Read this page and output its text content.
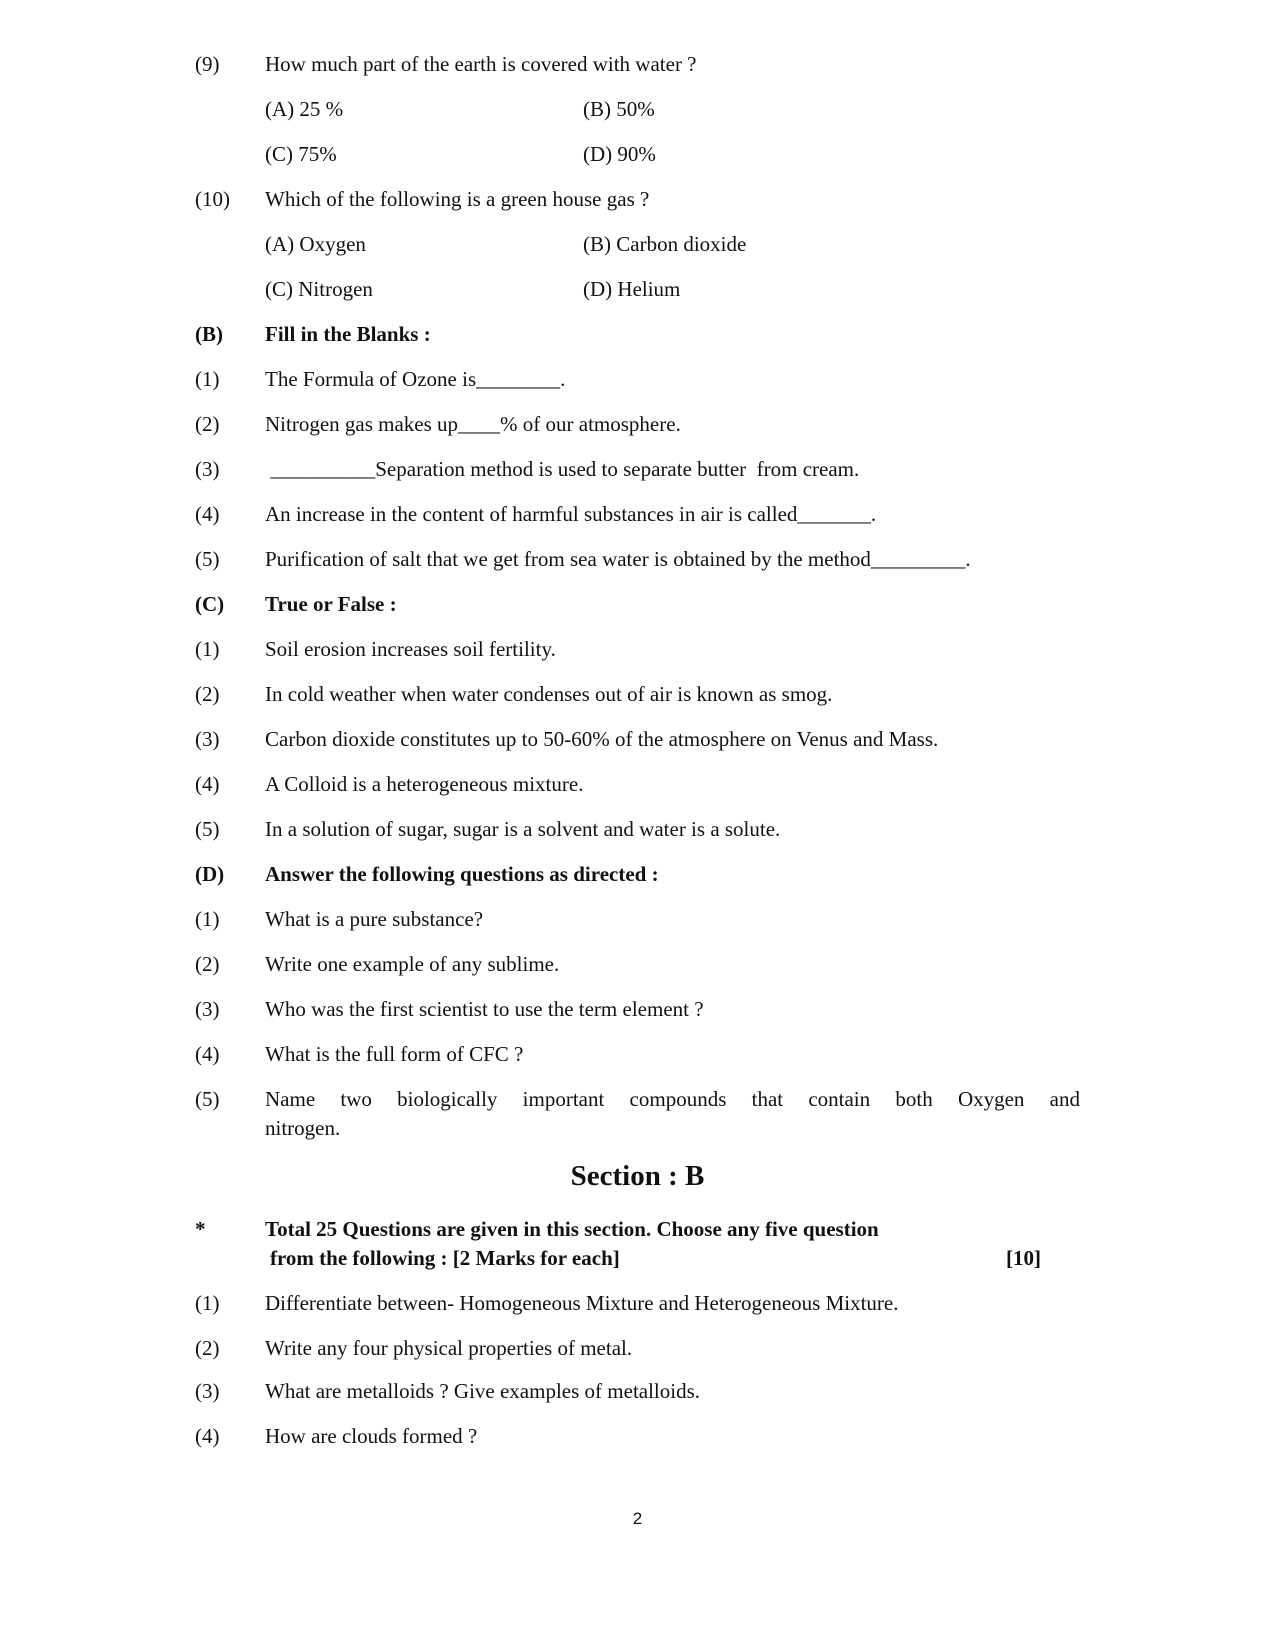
(9) How much part of the earth is covered with water ?
(A) 25 %	(B) 50%
(C) 75%	(D) 90%
(10) Which of the following is a green house gas ?
(A) Oxygen	(B) Carbon dioxide
(C) Nitrogen	(D) Helium
(B) Fill in the Blanks :
(1) The Formula of Ozone is________.
(2) Nitrogen gas makes up____% of our atmosphere.
(3) __________Separation method is used to separate butter  from cream.
(4) An increase in the content of harmful substances in air is called_______.
(5) Purification of salt that we get from sea water is obtained by the method_________.
(C) True or False :
(1) Soil erosion increases soil fertility.
(2) In cold weather when water condenses out of air is known as smog.
(3) Carbon dioxide constitutes up to 50-60% of the atmosphere on Venus and Mass.
(4) A Colloid is a heterogeneous mixture.
(5) In a solution of sugar, sugar is a solvent and water is a solute.
(D) Answer the following questions as directed :
(1) What is a pure substance?
(2) Write one example of any sublime.
(3) Who was the first scientist to use the term element ?
(4) What is the full form of CFC ?
(5) Name two biologically important compounds that contain both Oxygen and
nitrogen.
Section : B
*	Total 25 Questions are given in this section. Choose any five question
from the following : [2 Marks for each]	[10]
(1) Differentiate between- Homogeneous Mixture and Heterogeneous Mixture.
(2) Write any four physical properties of metal.
(3) What are metalloids ? Give examples of metalloids.
(4) How are clouds formed ?
2
